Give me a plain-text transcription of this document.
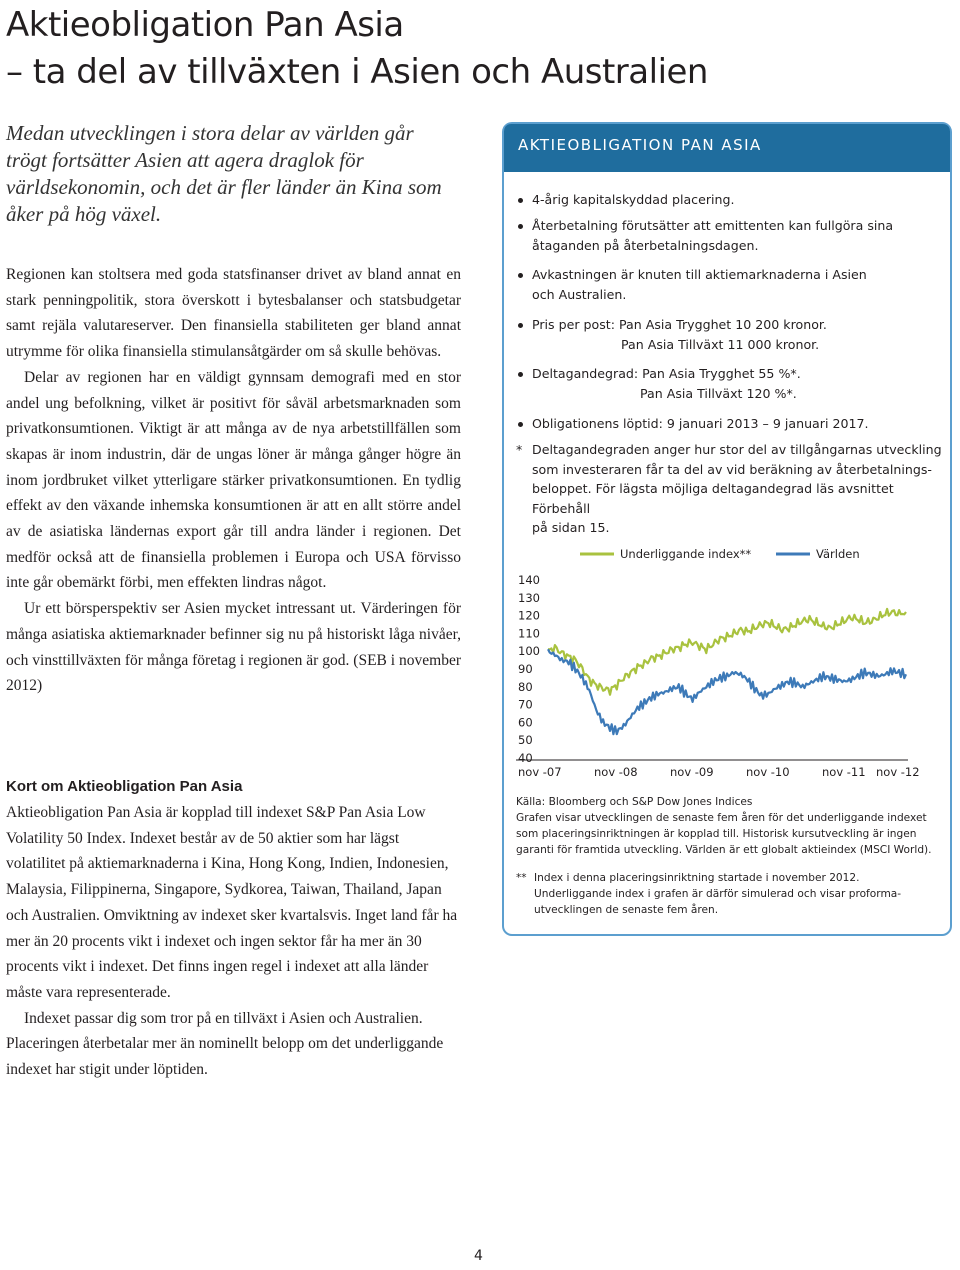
Aktieobligation Pan Asia

– ta del av tillväxten i Asien och Australien

Medan utvecklingen i stora delar av världen går trögt fortsätter Asien att agera draglok för världsekonomin, och det är fler länder än Kina som åker på hög växel.

Regionen kan stoltsera med goda statsfinanser drivet av bland annat en stark penningpolitik, stora överskott i bytesbalanser och statsbudgetar samt rejäla valutareserver. Den finansiella stabiliteten ger bland annat utrymme för olika finansiella stimulansåtgärder om så skulle behövas.

Delar av regionen har en väldigt gynnsam demografi med en stor andel ung befolkning, vilket är positivt för såväl arbetsmarknaden som privatkonsumtionen. Viktigt är att många av de nya arbetstillfällen som skapas är inom industrin, där de ungas löner är många gånger högre än inom jordbruket vilket ytterligare stärker privatkonsumtionen. En tydlig effekt av den växande inhemska konsumtionen är att en allt större andel av de asiatiska ländernas export går till andra länder i regionen. Det medför också att de finansiella problemen i Europa och USA förvisso inte går obemärkt förbi, men effekten lindras något.

Ur ett börsperspektiv ser Asien mycket intressant ut. Värderingen för många asiatiska aktiemarknader befinner sig nu på historiskt låga nivåer, och vinsttillväxten för många företag i regionen är god. (SEB i november 2012)

Kort om Aktieobligation Pan Asia

Aktieobligation Pan Asia är kopplad till indexet S&P Pan Asia Low Volatility 50 Index. Indexet består av de 50 aktier som har lägst volatilitet på aktiemarknaderna i Kina, Hong Kong, Indien, Indonesien, Malaysia, Filippinerna, Singapore, Sydkorea, Taiwan, Thailand, Japan och Australien. Omviktning av indexet sker kvartalsvis. Inget land får ha mer än 20 procents vikt i indexet och ingen sektor får ha mer än 30 procents vikt i indexet. Det finns ingen regel i indexet att alla länder måste vara representerade.

Indexet passar dig som tror på en tillväxt i Asien och Australien. Placeringen återbetalar mer än nominellt belopp om det underliggande indexet har stigit under löptiden.

AKTIEOBLIGATION PAN ASIA
4-årig kapitalskyddad placering.
Återbetalning förutsätter att emittenten kan fullgöra sina
åtaganden på återbetalningsdagen.
Avkastningen är knuten till aktiemarknaderna i Asien
och Australien.
Pris per post: Pan Asia Trygghet 10 200 kronor.
Pan Asia Tillväxt 11 000 kronor.
Deltagandegrad: Pan Asia Trygghet 55 %*.
Pan Asia Tillväxt 120 %*.
Obligationens löptid: 9 januari 2013 – 9 januari 2017.
* Deltagandegraden anger hur stor del av tillgångarnas utveckling
som investeraren får ta del av vid beräkning av återbetalnings-
beloppet. För lägsta möjliga deltagandegrad läs avsnittet Förbehåll
på sidan 15.
Underliggande index**	Världen
140
130
120
110
100
90
80
70
60
50
40
nov -07	nov -08	nov -09	nov -10	nov -11 nov -12

Källa: Bloomberg och S&P Dow Jones Indices

Grafen visar utvecklingen de senaste fem åren för det underliggande indexet

som placeringsinriktningen är kopplad till. Historisk kursutveckling är ingen

garanti för framtida utveckling. Världen är ett globalt aktieindex (MSCI World).

** Index i denna placeringsinriktning startade i november 2012.
Underliggande index i grafen är därför simulerad och visar proforma-
utvecklingen de senaste fem åren.
4
